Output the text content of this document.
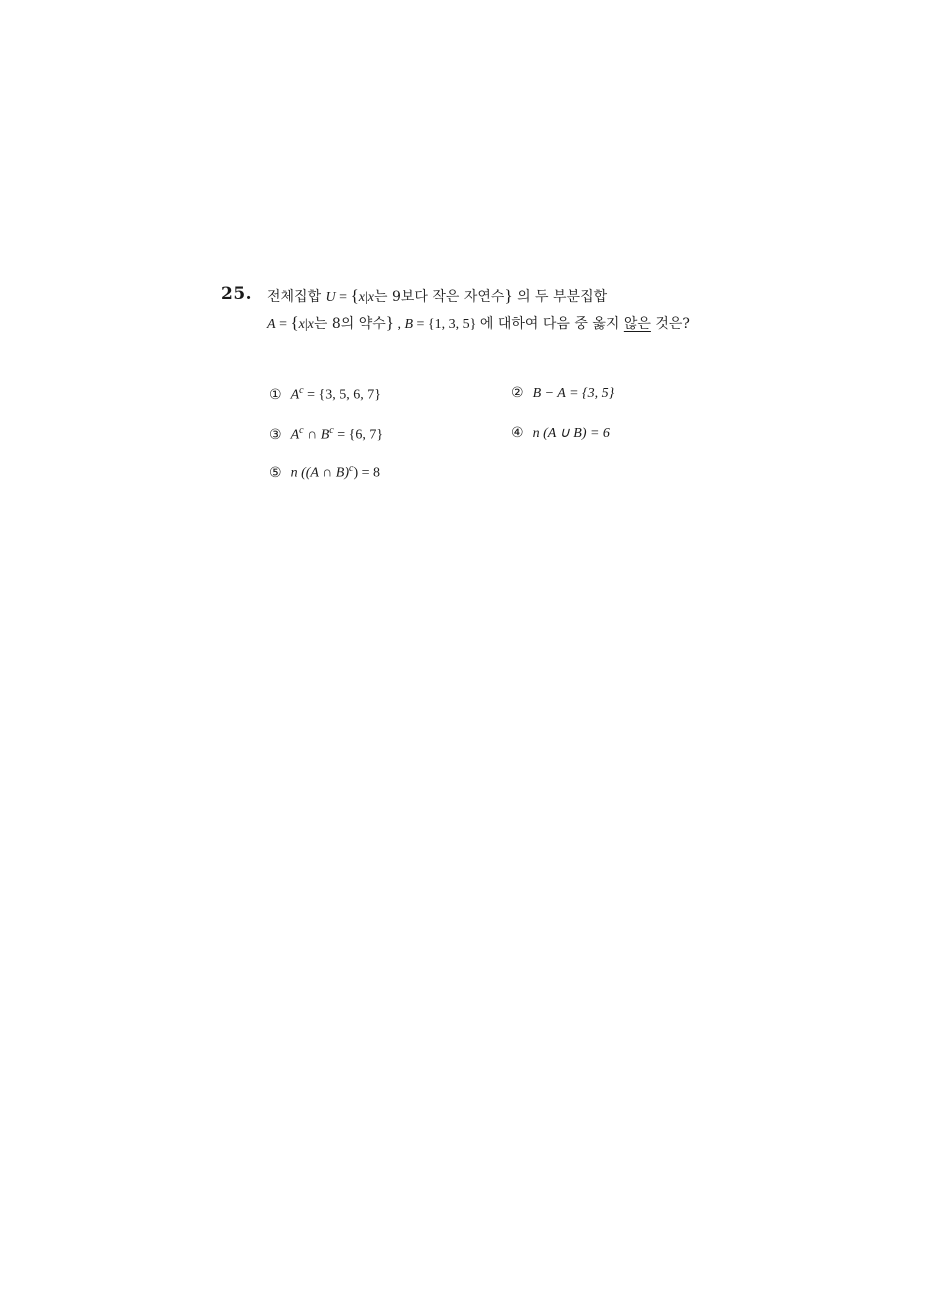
25. 전체집합 U = {x|x는 9보다 작은 자연수} 의 두 부분집합
A = {x|x는 8의 약수} , B = {1, 3, 5} 에 대하여 다음 중 옳지 않은 것은?
① $A^c = \{3$, 5, 6, 7}	② B − A = {3, 5}
③ $A^c$ ∩ $B^c = \{6$, 7}	④ n (A ∪ B) = 6
⑤ n ((A ∩ B)$^c$) = 8
